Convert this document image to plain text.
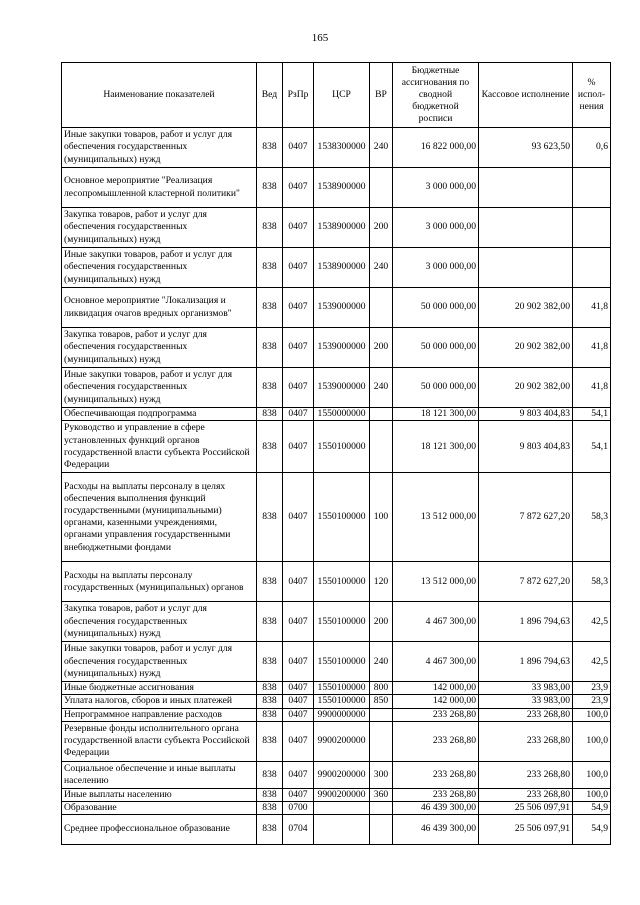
165
Наименование показателей	Вед	РзПр	ЦСР	ВР	Бюджетные ассигнования по сводной бюджетной росписи	Кассовое исполнение	% испол-нения
Иные закупки товаров, работ и услуг для обеспечения государственных (муниципальных) нужд	838	0407	1538300000	240	16 822 000,00	93 623,50	0,6
Основное мероприятие "Реализация лесопромышленной кластерной политики"	838	0407	1538900000		3 000 000,00		
Закупка товаров, работ и услуг для обеспечения государственных (муниципальных) нужд	838	0407	1538900000	200	3 000 000,00		
Иные закупки товаров, работ и услуг для обеспечения государственных (муниципальных) нужд	838	0407	1538900000	240	3 000 000,00		
Основное мероприятие "Локализация и ликвидация очагов вредных организмов"	838	0407	1539000000		50 000 000,00	20 902 382,00	41,8
Закупка товаров, работ и услуг для обеспечения государственных (муниципальных) нужд	838	0407	1539000000	200	50 000 000,00	20 902 382,00	41,8
Иные закупки товаров, работ и услуг для обеспечения государственных (муниципальных) нужд	838	0407	1539000000	240	50 000 000,00	20 902 382,00	41,8
Обеспечивающая подпрограмма	838	0407	1550000000		18 121 300,00	9 803 404,83	54,1
Руководство и управление в сфере установленных функций органов государственной власти субъекта Российской Федерации	838	0407	1550100000		18 121 300,00	9 803 404,83	54,1
Расходы на выплаты персоналу в целях обеспечения выполнения функций государственными (муниципальными) органами, казенными учреждениями, органами управления государственными внебюджетными фондами	838	0407	1550100000	100	13 512 000,00	7 872 627,20	58,3
Расходы на выплаты персоналу государственных (муниципальных) органов	838	0407	1550100000	120	13 512 000,00	7 872 627,20	58,3
Закупка товаров, работ и услуг для обеспечения государственных (муниципальных) нужд	838	0407	1550100000	200	4 467 300,00	1 896 794,63	42,5
Иные закупки товаров, работ и услуг для обеспечения государственных (муниципальных) нужд	838	0407	1550100000	240	4 467 300,00	1 896 794,63	42,5
Иные бюджетные ассигнования	838	0407	1550100000	800	142 000,00	33 983,00	23,9
Уплата налогов, сборов и иных платежей	838	0407	1550100000	850	142 000,00	33 983,00	23,9
Непрограммное направление расходов	838	0407	9900000000		233 268,80	233 268,80	100,0
Резервные фонды исполнительного органа государственной власти субъекта Российской Федерации	838	0407	9900200000		233 268,80	233 268,80	100,0
Социальное обеспечение и иные выплаты населению	838	0407	9900200000	300	233 268,80	233 268,80	100,0
Иные выплаты населению	838	0407	9900200000	360	233 268,80	233 268,80	100,0
Образование	838	0700			46 439 300,00	25 506 097,91	54,9
Среднее профессиональное образование	838	0704			46 439 300,00	25 506 097,91	54,9
